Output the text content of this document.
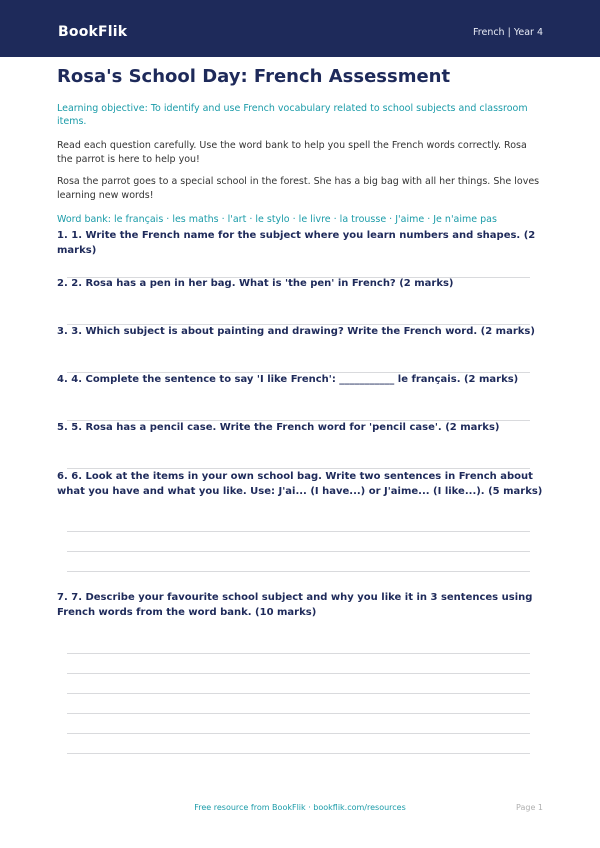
BookFlik	French | Year 4
Rosa's School Day: French Assessment
Learning objective: To identify and use French vocabulary related to school subjects and classroom items.
Read each question carefully. Use the word bank to help you spell the French words correctly. Rosa the parrot is here to help you!
Rosa the parrot goes to a special school in the forest. She has a big bag with all her things. She loves learning new words!
Word bank: le français · les maths · l'art · le stylo · le livre · la trousse · J'aime · Je n'aime pas
1. 1. Write the French name for the subject where you learn numbers and shapes. (2 marks)
2. 2. Rosa has a pen in her bag. What is 'the pen' in French? (2 marks)
3. 3. Which subject is about painting and drawing? Write the French word. (2 marks)
4. 4. Complete the sentence to say 'I like French': ___________ le français. (2 marks)
5. 5. Rosa has a pencil case. Write the French word for 'pencil case'. (2 marks)
6. 6. Look at the items in your own school bag. Write two sentences in French about what you have and what you like. Use: J'ai... (I have...) or J'aime... (I like...). (5 marks)
7. 7. Describe your favourite school subject and why you like it in 3 sentences using French words from the word bank. (10 marks)
Free resource from BookFlik · bookflik.com/resources	Page 1
